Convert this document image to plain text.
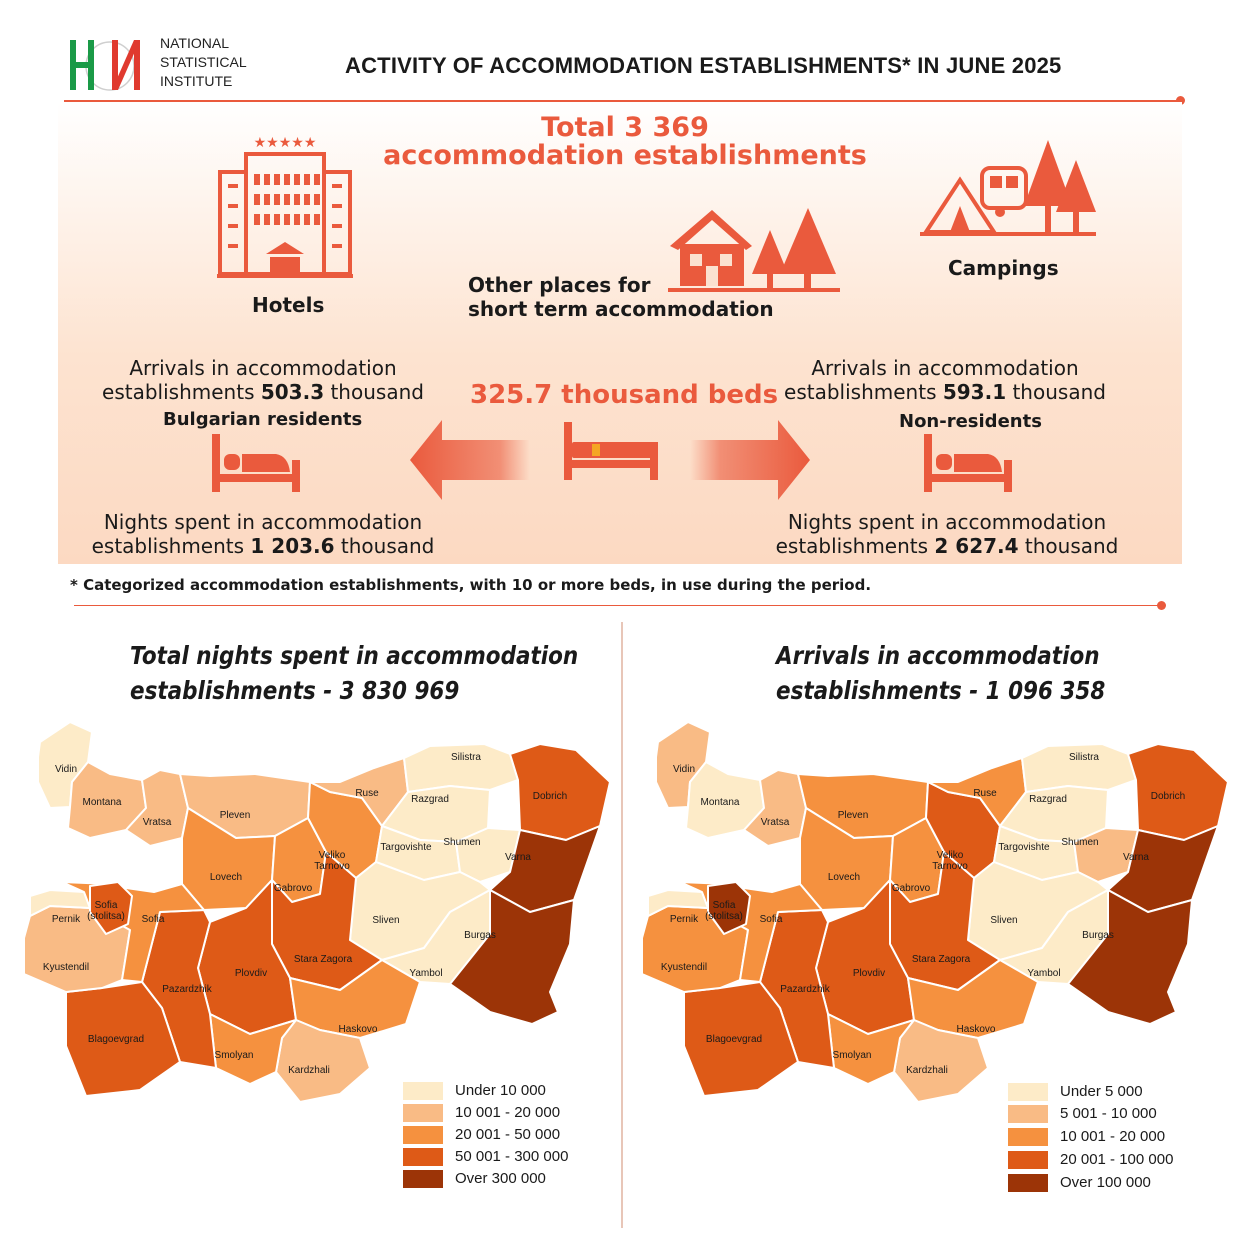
NATIONAL
STATISTICAL
INSTITUTE
ACTIVITY OF ACCOMMODATION ESTABLISHMENTS* IN JUNE 2025
Total 3 369
accommodation establishments
★★★★★
Hotels
Other places for
short term accommodation
Campings
Arrivals in accommodation
establishments 503.3 thousand
Bulgarian residents
Nights spent in accommodation
establishments 1 203.6 thousand
325.7 thousand beds
Arrivals in accommodation
establishments 593.1 thousand
Non-residents
Nights spent in accommodation
establishments 2 627.4 thousand
* Categorized accommodation establishments, with 10 or more beds, in use during the period.
Total nights spent in accommodation
establishments - 3 830 969
Vidin
Montana
Vratsa
Pleven
Lovech
Gabrovo
Veliko Tarnovo
Ruse
Silistra
Razgrad
Targovishte Shumen
Dobrich
Varna
Sliven
Yambol
Burgas
Stara Zagora
Plovdiv
Haskovo
Kardzhali
Smolyan
Pazardzhik
Blagoevgrad
Kyustendil
Pernik	Sofia
Sofia (stolitsa)
Under 10 000
10 001 - 20 000
20 001 - 50 000
50 001 - 300 000
Over 300 000
Arrivals in accommodation
establishments - 1 096 358
Vidin
Montana
Vratsa
Pleven
Lovech
Gabrovo
Veliko Tarnovo
Ruse
Silistra
Razgrad
Targovishte Shumen
Dobrich
Varna
Sliven
Yambol
Burgas
Stara Zagora
Plovdiv
Haskovo
Kardzhali
Smolyan
Pazardzhik
Blagoevgrad
Kyustendil
Pernik	Sofia
Sofia (stolitsa)
Under 5 000
5 001 - 10 000
10 001 - 20 000
20 001 - 100 000
Over 100 000
